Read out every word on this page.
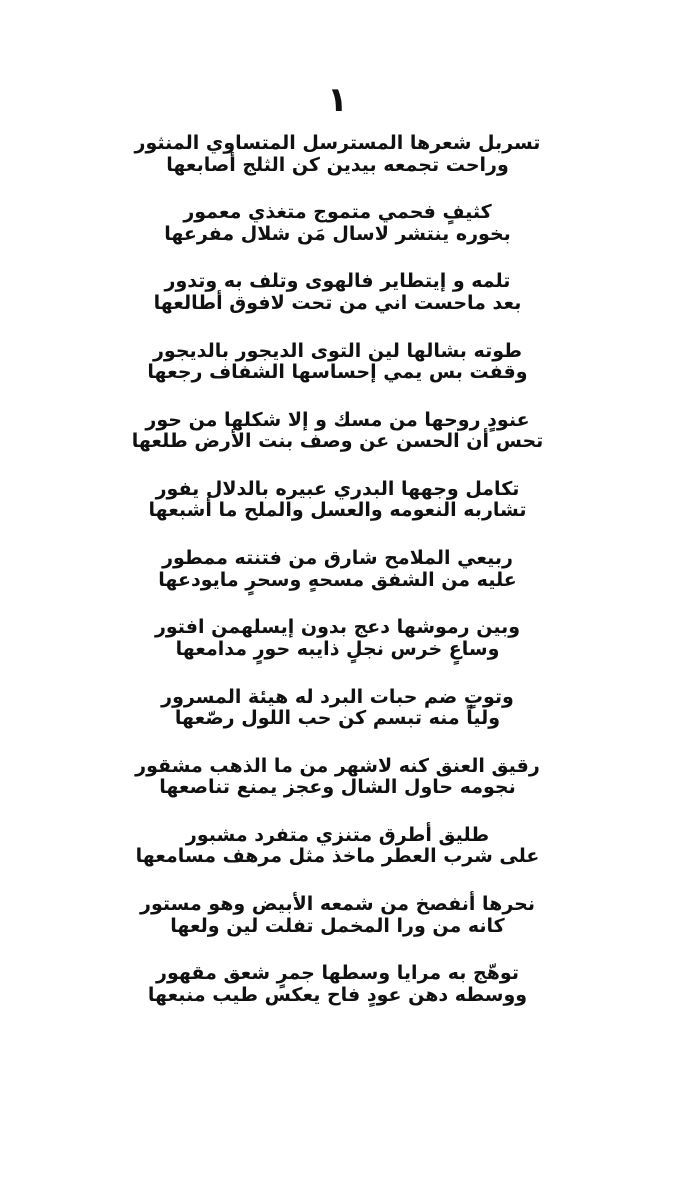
١
تسربل شعرها المسترسل المتساوي المنثور
وراحت تجمعه بيدين كن الثلج أصابعها
كثيفٍ فحمي متموج متغذي معمور
بخوره ينتشر لاسال مَن شلال مفرعها
تلمه و إيتطاير فالهوى وتلف به وتدور
بعد ماحست اني من تحت لافوق أطالعها
طوته بشالها لين التوى الديجور بالديجور
وقفت بس يمي إحساسها الشفاف رجعها
عنودٍ روحها من مسك و إلا شكلها من حور
تحس أن الحسن عن وصف بنت الأرض طلعها
تكامل وجهها البدري عبيره بالدلال يفور
تشاربه النعومه والعسل والملح ما أشبعها
ربيعي الملامح شارق من فتنته ممطور
عليه من الشفق مسحهٍ وسحرٍ مايودعها
وبين رموشها دعج بدون إيسلهمن افتور
وساعٍ خرس نجلٍ ذايبه حورٍ مدامعها
وتوتٍ ضم حبات البرد له هيئة المسرور
ولياً منه تبسم كن حب اللول رصّعها
رقيق العنق كنه لاشهر من ما الذهب مشقور
نجومه حاول الشال وعجز يمنع تناصعها
طليق أطرق متنزي متفرد مشبور
على شرب العطر ماخذ مثل مرهف مسامعها
نحرها أنفصخ من شمعه الأبيض وهو مستور
كانه من ورا المخمل تفلت لين ولعها
توهّج به مرايا وسطها جمرٍ شعق مقهور
ووسطه دهن عودٍ فاح يعكس طيب منبعها
